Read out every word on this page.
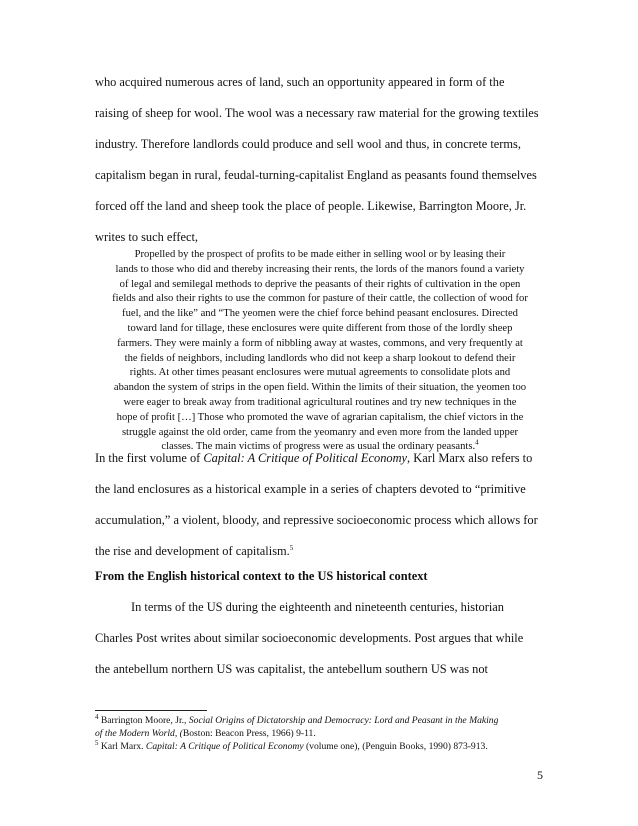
who acquired numerous acres of land, such an opportunity appeared in form of the
raising of sheep for wool. The wool was a necessary raw material for the growing textiles
industry. Therefore landlords could produce and sell wool and thus, in concrete terms,
capitalism began in rural, feudal-turning-capitalist England as peasants found themselves
forced off the land and sheep took the place of people. Likewise, Barrington Moore, Jr.
writes to such effect,
Propelled by the prospect of profits to be made either in selling wool or by leasing their
lands to those who did and thereby increasing their rents, the lords of the manors found a variety
of legal and semilegal methods to deprive the peasants of their rights of cultivation in the open
fields and also their rights to use the common for pasture of their cattle, the collection of wood for
fuel, and the like” and “The yeomen were the chief force behind peasant enclosures. Directed
toward land for tillage, these enclosures were quite different from those of the lordly sheep
farmers. They were mainly a form of nibbling away at wastes, commons, and very frequently at
the fields of neighbors, including landlords who did not keep a sharp lookout to defend their
rights. At other times peasant enclosures were mutual agreements to consolidate plots and
abandon the system of strips in the open field. Within the limits of their situation, the yeomen too
were eager to break away from traditional agricultural routines and try new techniques in the
hope of profit […] Those who promoted the wave of agrarian capitalism, the chief victors in the
struggle against the old order, came from the yeomanry and even more from the landed upper
classes. The main victims of progress were as usual the ordinary peasants.$^4$
In the first volume of Capital: A Critique of Political Economy, Karl Marx also refers to
the land enclosures as a historical example in a series of chapters devoted to “primitive
accumulation,” a violent, bloody, and repressive socioeconomic process which allows for
the rise and development of capitalism.$^5$
From the English historical context to the US historical context
In terms of the US during the eighteenth and nineteenth centuries, historian
Charles Post writes about similar socioeconomic developments. Post argues that while
the antebellum northern US was capitalist, the antebellum southern US was not
$^4$ Barrington Moore, Jr., Social Origins of Dictatorship and Democracy: Lord and Peasant in the Making
of the Modern World, (Boston: Beacon Press, 1966) 9-11.
$^5$ Karl Marx. Capital: A Critique of Political Economy (volume one), (Penguin Books, 1990) 873-913.
5
